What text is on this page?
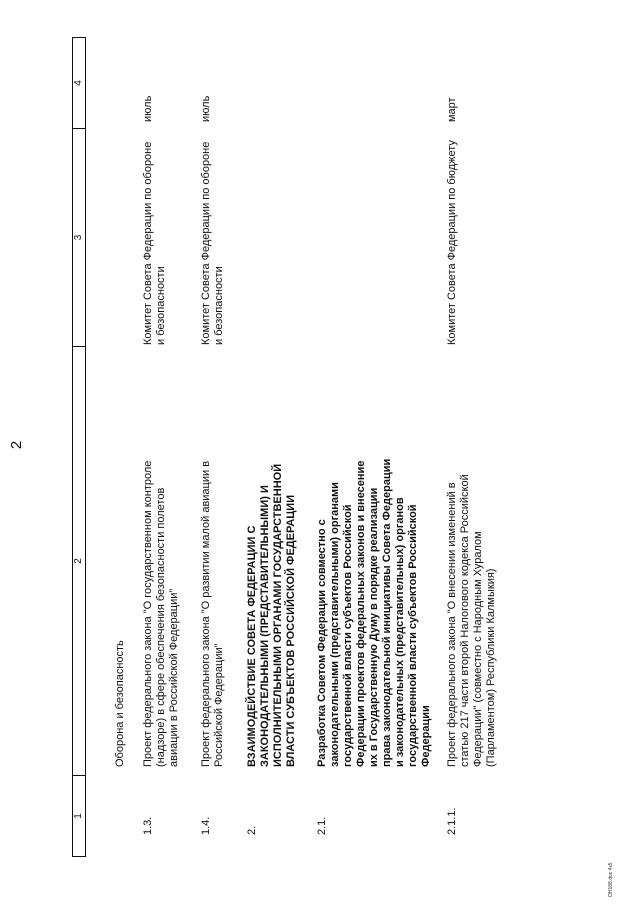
2
1
2
3
4
Оборона и безопасность
1.3.
Проект федерального закона "О государственном контроле (надзоре) в сфере обеспечения безопасности полетов авиации в Российской Федерации"
Комитет Совета Федерации по обороне и безопасности
июль
1.4.
Проект федерального закона "О развитии малой авиации в Российской Федерации"
Комитет Совета Федерации по обороне и безопасности
июль
2.
ВЗАИМОДЕЙСТВИЕ СОВЕТА ФЕДЕРАЦИИ С ЗАКОНОДАТЕЛЬНЫМИ (ПРЕДСТАВИТЕЛЬНЫМИ) И ИСПОЛНИТЕЛЬНЫМИ ОРГАНАМИ ГОСУДАРСТВЕННОЙ ВЛАСТИ СУБЪЕКТОВ РОССИЙСКОЙ ФЕДЕРАЦИИ
2.1.
Разработка Советом Федерации совместно с законодательными (представительными) органами государственной власти субъектов Российской Федерации проектов федеральных законов и внесение их в Государственную Думу в порядке реализации права законодательной инициативы Совета Федерации и законодательных (представительных) органов государственной власти субъектов Российской Федерации
2.1.1.
Проект федерального закона "О внесении изменений в статью 217 части второй Налогового кодекса Российской Федерации" (совместно с Народным Хуралом (Парламентом) Республики Калмыкия)
Комитет Совета Федерации по бюджету
март
ОН188.doc 4к5
